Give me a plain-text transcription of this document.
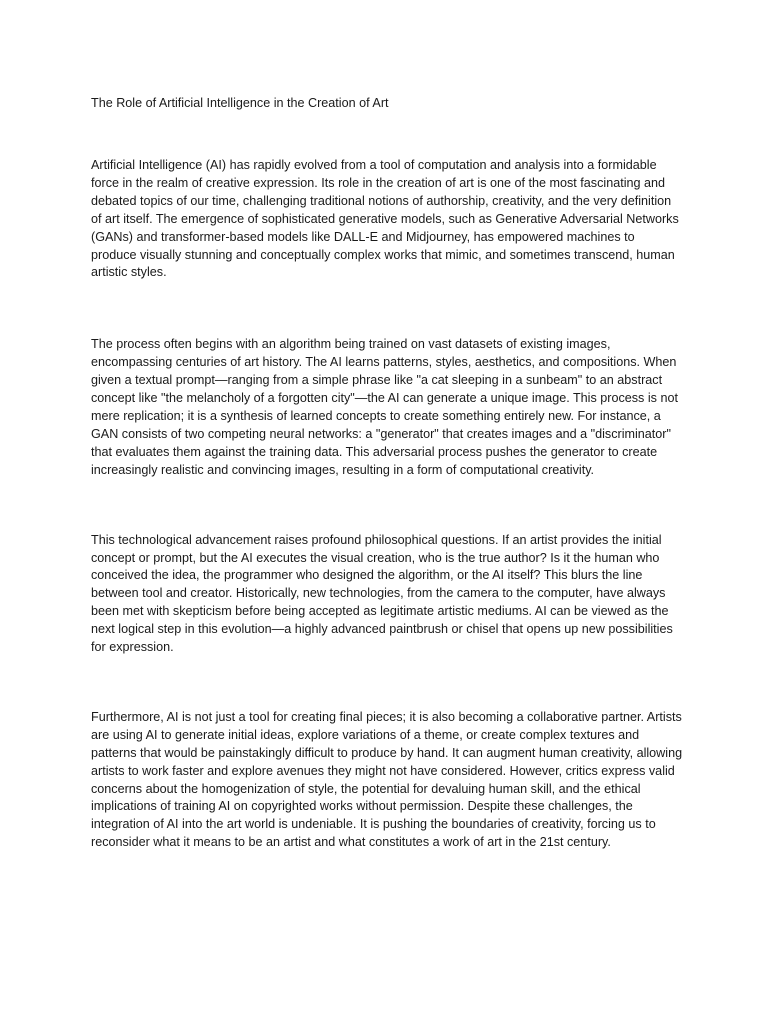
The Role of Artificial Intelligence in the Creation of Art

Artificial Intelligence (AI) has rapidly evolved from a tool of computation and analysis into a formidable force in the realm of creative expression. Its role in the creation of art is one of the most fascinating and debated topics of our time, challenging traditional notions of authorship, creativity, and the very definition of art itself. The emergence of sophisticated generative models, such as Generative Adversarial Networks (GANs) and transformer-based models like DALL-E and Midjourney, has empowered machines to produce visually stunning and conceptually complex works that mimic, and sometimes transcend, human artistic styles.

The process often begins with an algorithm being trained on vast datasets of existing images, encompassing centuries of art history. The AI learns patterns, styles, aesthetics, and compositions. When given a textual prompt—ranging from a simple phrase like "a cat sleeping in a sunbeam" to an abstract concept like "the melancholy of a forgotten city"—the AI can generate a unique image. This process is not mere replication; it is a synthesis of learned concepts to create something entirely new. For instance, a GAN consists of two competing neural networks: a "generator" that creates images and a "discriminator" that evaluates them against the training data. This adversarial process pushes the generator to create increasingly realistic and convincing images, resulting in a form of computational creativity.

This technological advancement raises profound philosophical questions. If an artist provides the initial concept or prompt, but the AI executes the visual creation, who is the true author? Is it the human who conceived the idea, the programmer who designed the algorithm, or the AI itself? This blurs the line between tool and creator. Historically, new technologies, from the camera to the computer, have always been met with skepticism before being accepted as legitimate artistic mediums. AI can be viewed as the next logical step in this evolution—a highly advanced paintbrush or chisel that opens up new possibilities for expression.

Furthermore, AI is not just a tool for creating final pieces; it is also becoming a collaborative partner. Artists are using AI to generate initial ideas, explore variations of a theme, or create complex textures and patterns that would be painstakingly difficult to produce by hand. It can augment human creativity, allowing artists to work faster and explore avenues they might not have considered. However, critics express valid concerns about the homogenization of style, the potential for devaluing human skill, and the ethical implications of training AI on copyrighted works without permission. Despite these challenges, the integration of AI into the art world is undeniable. It is pushing the boundaries of creativity, forcing us to reconsider what it means to be an artist and what constitutes a work of art in the 21st century.
